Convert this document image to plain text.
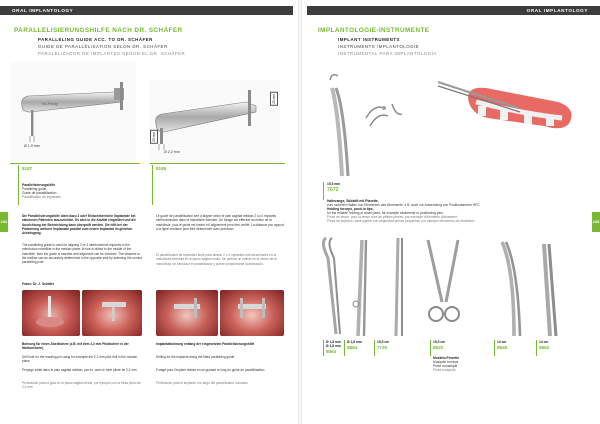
ORAL IMPLANTOLOGY	ORAL IMPLANTOLOGY
242	243
PARALLELISIERUNGSHILFE NACH DR. SCHÄFER
PARALLELING GUIDE ACC. TO DR. SCHÄFER
GUIDE DE PARALLÉLISATION SELON DR. SCHÄFER
PARALELIZADOR DE IMPLANTES SEGÚN EL DR. SCHÄFER
Hu-Friedy
Ø 1,9 mm
Ø 2,2 mm
20 mm
20 mm
8187	8185
Parallelisierungshilfe
Paralleling guide
Guide de parallélisation
Paralelizador de implantes
Die Parallelisierungshilfe dient dazu 2 oder Einbohrbereiche Implantate bei zahnlosen Patienten auszurichten. Es wird in die Kavität eingeführt und die Ausrichtung der Bohrrichtung kann überprüft werden. Sie hilft bei der Platzierung weiterer Implantate parallel zum ersten Implantat im gleichen Arbeitsgang.
The paralleling guide is used for aligning 2 or 4 interforaminal implants in the edentulous mandible in the median plane. A hole is drilled to the middle of the mandible, then the guide is inserted and alignment can be checked. The distance to the midline can be accurately determined in the opposite side by selecting the correct paralleling pole.
Le guide de parallélisation sert à aligner selon le plan sagittal médian 2 ou 4 implants interforaminaux dans la mandibule édentée. Un forage est effectué au milieu de la mandibule, puis le guide est inséré et l'alignement peut être vérifié. La distance par rapport à la ligne médiane peut être déterminée avec précision.
El paralelizador de implantes sirve para alinear 2 o 4 implantes interforaminales en la mandíbula edéntula en el plano sagital medio. Se perfora un orificio en el centro de la mandíbula, se introduce el paralelizador y puede comprobarse la alineación.
Fotos: Dr. J. Schäfer
Bohrung für einen Zweitbohrer (z.B. mit dem 2,2 mm Pilotbohrer in der Medianebene)
Drill hole for the marking pin using for example the 2,2 mm pilot drill in the median plane
Perçage initial dans le plan sagittal médian, par ex. avec le foret pilote de 2,2 mm
Perforación para la guía en el plano sagital medio, por ejemplo con la fresa piloto de 2,2 mm
Implantatbohrung entlang der eingesetzten Parallelisierungshilfe
Drilling for the implants along the fitted paralleling guide
Forage pour l'implant réalisé en se guidant le long du guide de parallélisation
Perforación para el implante a lo largo del paralelizador colocado
IMPLANTOLOGIE-INSTRUMENTE
IMPLANT INSTRUMENTS
INSTRUMENTS IMPLANTOLOGIE
INSTRUMENTAL PARA IMPLANTOLOGÍA
15,5 mm
7672
Haltezange, Stütztift mit Plazette,
zum sicheren Halten von Elementen des Abutments, z.B. auch zur Anwendung von Positionsarmen HFC.
Holding forceps, push-in tips,
for the reliable holding of small parts, for example abutments or positioning pins.
Pince de tenue, pour la tenue sûre de petites pièces, par exemple d'éléments d'abutment.
Pinza de sujeción, para sujetar con seguridad piezas pequeñas, por ejemplo elementos de abutment.
Ø 1,8 mm
Ø 1,8 mm
8864
Ø 1,8 mm
8864
15,5 cm
7725
15,5 cm
8820
Moskito-Pinzette
Mosquito forceps
Pince moustique
Pinza mosquito
14 cm
8845
14 cm
6852
